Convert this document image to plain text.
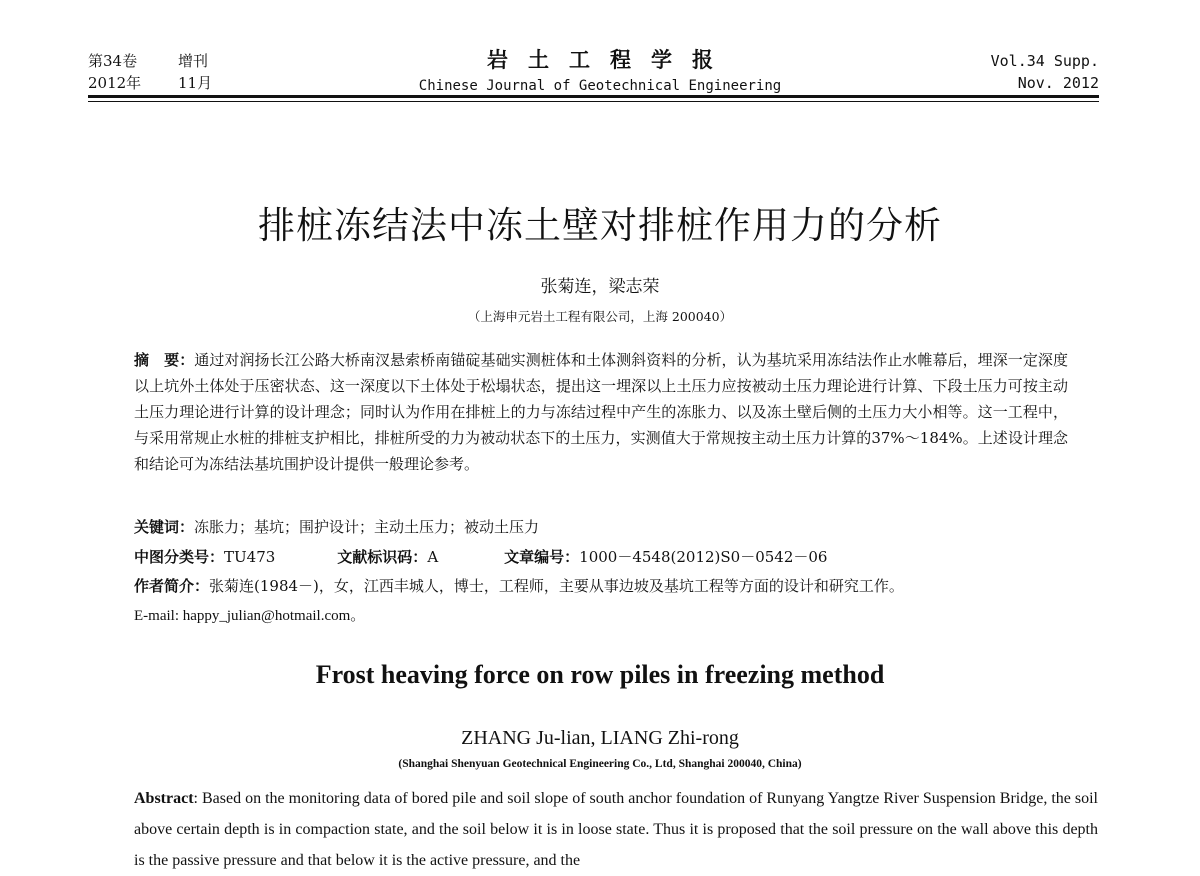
第34卷	增刊
2012年 11月
岩土工程学报
Chinese Journal of Geotechnical Engineering
Vol.34 Supp.
Nov. 2012
排桩冻结法中冻土壁对排桩作用力的分析
张菊连，梁志荣
（上海申元岩土工程有限公司，上海 200040）
摘　要：通过对润扬长江公路大桥南汊悬索桥南锚碇基础实测桩体和土体测斜资料的分析，认为基坑采用冻结法作止水帷幕后，埋深一定深度以上坑外土体处于压密状态、这一深度以下土体处于松塌状态，提出这一埋深以上土压力应按被动土压力理论进行计算、下段土压力可按主动土压力理论进行计算的设计理念；同时认为作用在排桩上的力与冻结过程中产生的冻胀力、以及冻土壁后侧的土压力大小相等。这一工程中，与采用常规止水桩的排桩支护相比，排桩所受的力为被动状态下的土压力，实测值大于常规按主动土压力计算的37%～184%。上述设计理念和结论可为冻结法基坑围护设计提供一般理论参考。
关键词：冻胀力；基坑；围护设计；主动土压力；被动土压力
中图分类号：TU473	文献标识码：A	文章编号：1000－4548(2012)S0－0542－06
作者简介：张菊连(1984－)，女，江西丰城人，博士，工程师，主要从事边坡及基坑工程等方面的设计和研究工作。
E-mail: happy_julian@hotmail.com。
Frost heaving force on row piles in freezing method
ZHANG Ju-lian, LIANG Zhi-rong
(Shanghai Shenyuan Geotechnical Engineering Co., Ltd, Shanghai 200040, China)
Abstract: Based on the monitoring data of bored pile and soil slope of south anchor foundation of Runyang Yangtze River Suspension Bridge, the soil above certain depth is in compaction state, and the soil below it is in loose state. Thus it is proposed that the soil pressure on the wall above this depth is the passive pressure and that below it is the active pressure, and the
